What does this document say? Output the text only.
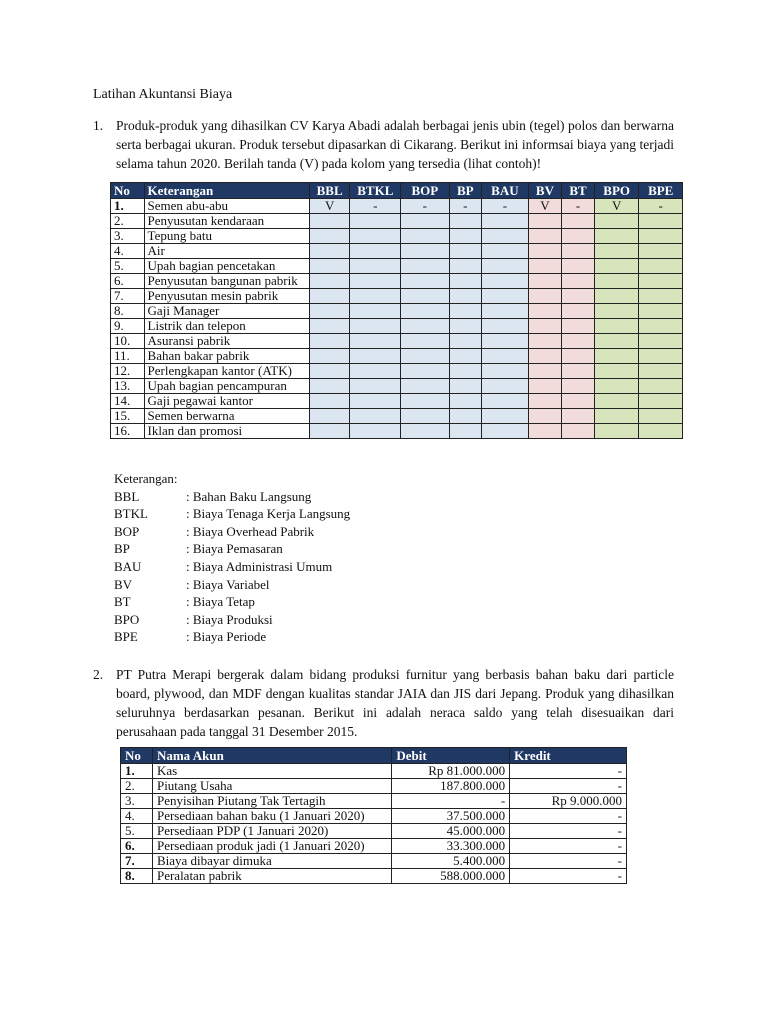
Latihan Akuntansi Biaya
1. Produk-produk yang dihasilkan CV Karya Abadi adalah berbagai jenis ubin (tegel) polos dan berwarna serta berbagai ukuran. Produk tersebut dipasarkan di Cikarang. Berikut ini informsai biaya yang terjadi selama tahun 2020. Berilah tanda (V) pada kolom yang tersedia (lihat contoh)!
No	Keterangan	BBL	BTKL	BOP	BP	BAU	BV	BT	BPO	BPE
1.	Semen abu-abu	V	-	-	-	-	V	-	V	-
2.	Penyusutan kendaraan									
3.	Tepung batu									
4.	Air									
5.	Upah bagian pencetakan									
6.	Penyusutan bangunan pabrik									
7.	Penyusutan mesin pabrik									
8.	Gaji Manager									
9.	Listrik dan telepon									
10.	Asuransi pabrik									
11.	Bahan bakar pabrik									
12.	Perlengkapan kantor (ATK)									
13.	Upah bagian pencampuran									
14.	Gaji pegawai kantor									
15.	Semen berwarna									
16.	Iklan dan promosi									
Keterangan:
BBL	: Bahan Baku Langsung
BTKL	: Biaya Tenaga Kerja Langsung
BOP	: Biaya Overhead Pabrik
BP	: Biaya Pemasaran
BAU	: Biaya Administrasi Umum
BV	: Biaya Variabel
BT	: Biaya Tetap
BPO	: Biaya Produksi
BPE	: Biaya Periode
2. PT Putra Merapi bergerak dalam bidang produksi furnitur yang berbasis bahan baku dari particle board, plywood, dan MDF dengan kualitas standar JAIA dan JIS dari Jepang. Produk yang dihasilkan seluruhnya berdasarkan pesanan. Berikut ini adalah neraca saldo yang telah disesuaikan dari perusahaan pada tanggal 31 Desember 2015.
No	Nama Akun	Debit	Kredit
1.	Kas	Rp 81.000.000	-
2.	Piutang Usaha	187.800.000	-
3.	Penyisihan Piutang Tak Tertagih	-	Rp 9.000.000
4.	Persediaan bahan baku (1 Januari 2020)	37.500.000	-
5.	Persediaan PDP (1 Januari 2020)	45.000.000	-
6.	Persediaan produk jadi (1 Januari 2020)	33.300.000	-
7.	Biaya dibayar dimuka	5.400.000	-
8.	Peralatan pabrik	588.000.000	-
